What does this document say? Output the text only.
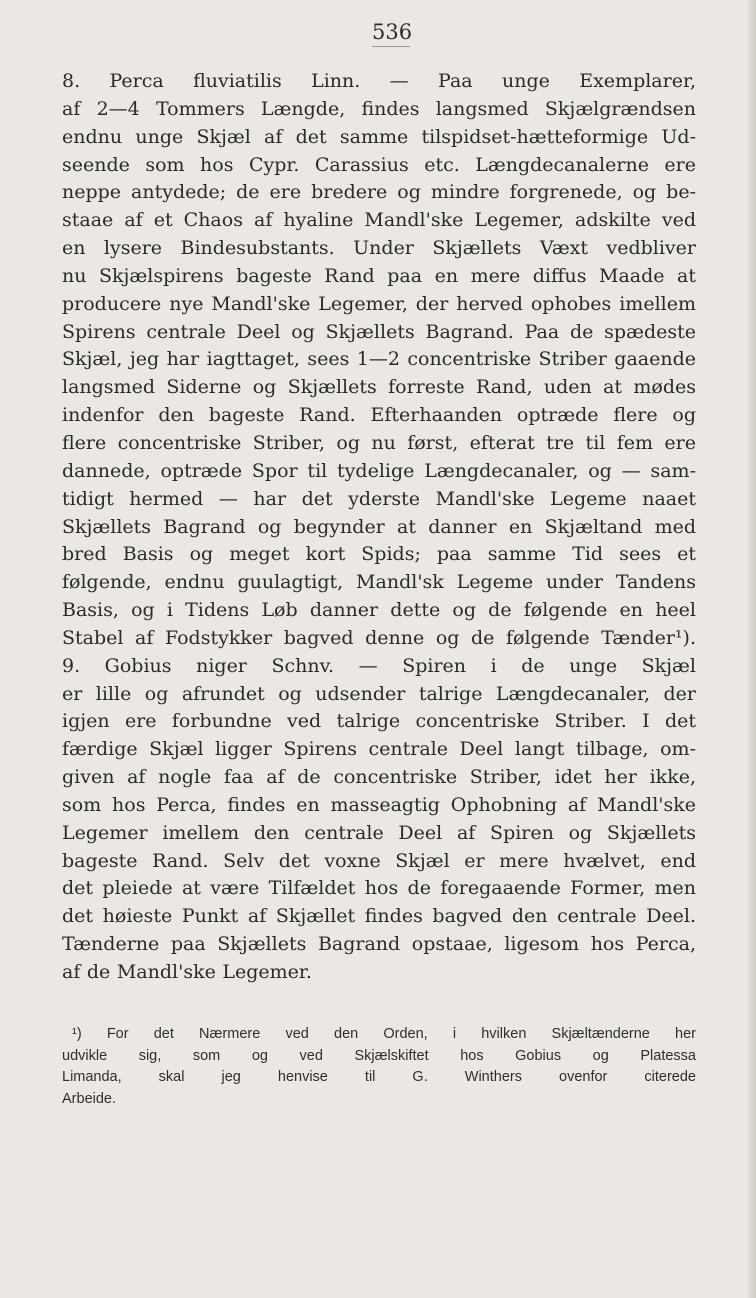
536
8. Perca fluviatilis Linn. — Paa unge Exemplarer,
af 2—4 Tommers Længde, findes langsmed Skjælgrændsen
endnu unge Skjæl af det samme tilspidset-hætteformige Ud-
seende som hos Cypr. Carassius etc. Længdecanalerne ere
neppe antydede; de ere bredere og mindre forgrenede, og be-
staae af et Chaos af hyaline Mandl'ske Legemer, adskilte ved
en lysere Bindesubstants. Under Skjællets Væxt vedbliver
nu Skjælspirens bageste Rand paa en mere diffus Maade at
producere nye Mandl'ske Legemer, der herved ophobes imellem
Spirens centrale Deel og Skjællets Bagrand. Paa de spædeste
Skjæl, jeg har iagttaget, sees 1—2 concentriske Striber gaaende
langsmed Siderne og Skjællets forreste Rand, uden at mødes
indenfor den bageste Rand. Efterhaanden optræde flere og
flere concentriske Striber, og nu først, efterat tre til fem ere
dannede, optræde Spor til tydelige Længdecanaler, og — sam-
tidigt hermed — har det yderste Mandl'ske Legeme naaet
Skjællets Bagrand og begynder at danner en Skjæltand med
bred Basis og meget kort Spids; paa samme Tid sees et
følgende, endnu guulagtigt, Mandl'sk Legeme under Tandens
Basis, og i Tidens Løb danner dette og de følgende en heel
Stabel af Fodstykker bagved denne og de følgende Tænder¹).
9. Gobius niger Schnv. — Spiren i de unge Skjæl
er lille og afrundet og udsender talrige Længdecanaler, der
igjen ere forbundne ved talrige concentriske Striber. I det
færdige Skjæl ligger Spirens centrale Deel langt tilbage, om-
given af nogle faa af de concentriske Striber, idet her ikke,
som hos Perca, findes en masseagtig Ophobning af Mandl'ske
Legemer imellem den centrale Deel af Spiren og Skjællets
bageste Rand. Selv det voxne Skjæl er mere hvælvet, end
det pleiede at være Tilfældet hos de foregaaende Former, men
det høieste Punkt af Skjællet findes bagved den centrale Deel.
Tænderne paa Skjællets Bagrand opstaae, ligesom hos Perca,
af de Mandl'ske Legemer.
¹) For det Nærmere ved den Orden, i hvilken Skjæltænderne her
udvikle sig, som og ved Skjælskiftet hos Gobius og Platessa
Limanda, skal jeg henvise til G. Winthers ovenfor citerede
Arbeide.
